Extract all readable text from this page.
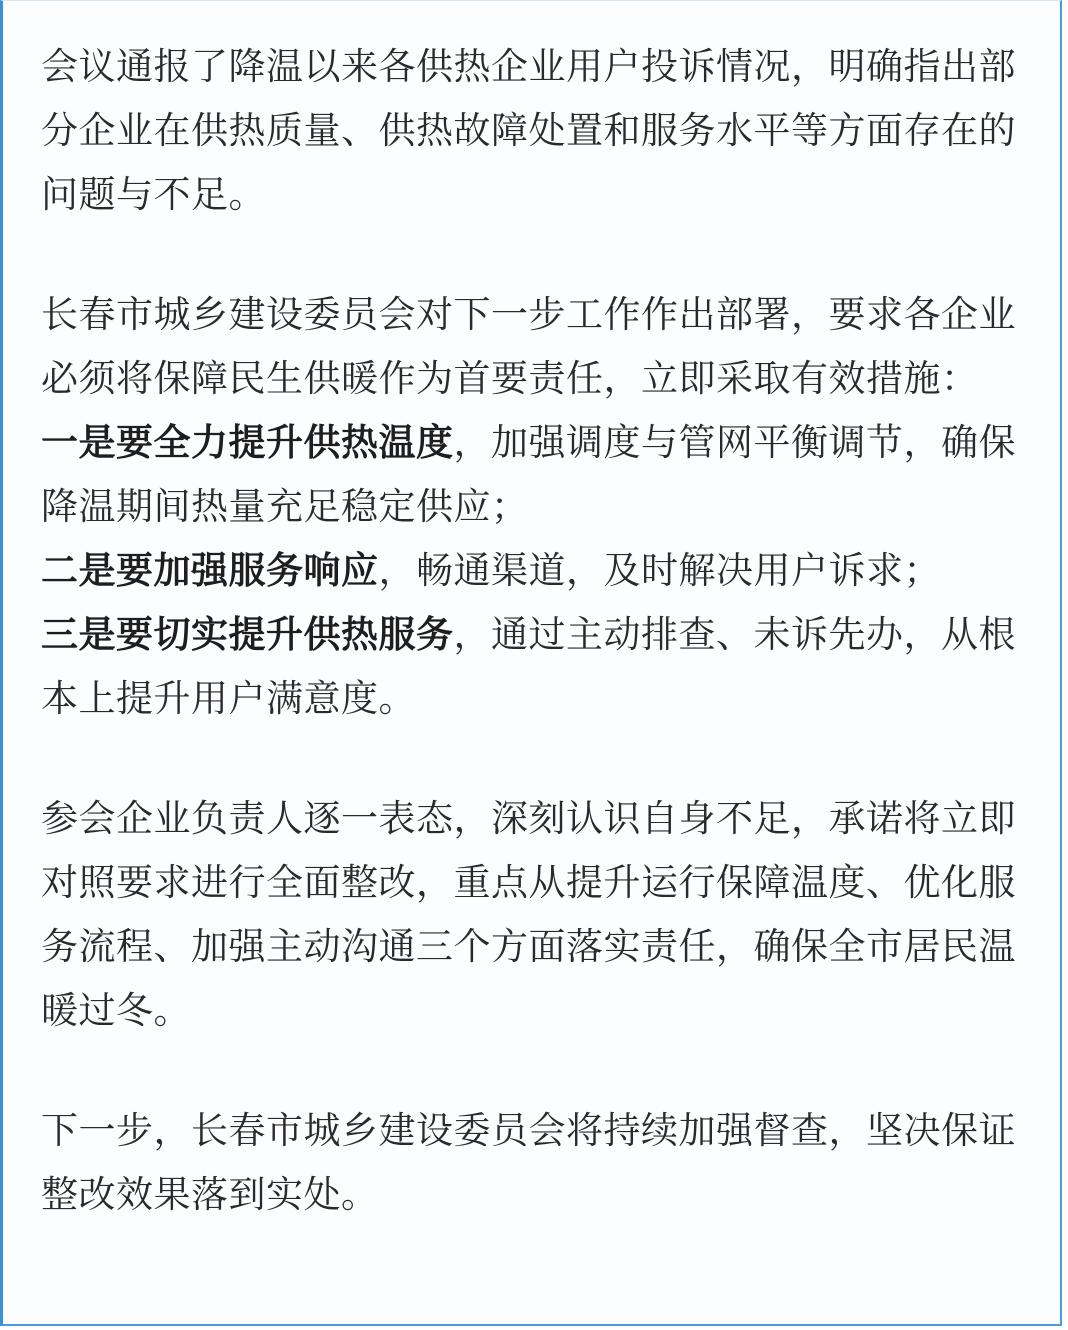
会议通报了降温以来各供热企业用户投诉情况，明确指出部分企业在供热质量、供热故障处置和服务水平等方面存在的问题与不足。

长春市城乡建设委员会对下一步工作作出部署，要求各企业必须将保障民生供暖作为首要责任，立即采取有效措施：

一是要全力提升供热温度，加强调度与管网平衡调节，确保降温期间热量充足稳定供应；

二是要加强服务响应，畅通渠道，及时解决用户诉求；

三是要切实提升供热服务，通过主动排查、未诉先办，从根本上提升用户满意度。

参会企业负责人逐一表态，深刻认识自身不足，承诺将立即对照要求进行全面整改，重点从提升运行保障温度、优化服务流程、加强主动沟通三个方面落实责任，确保全市居民温暖过冬。

下一步，长春市城乡建设委员会将持续加强督查，坚决保证整改效果落到实处。
